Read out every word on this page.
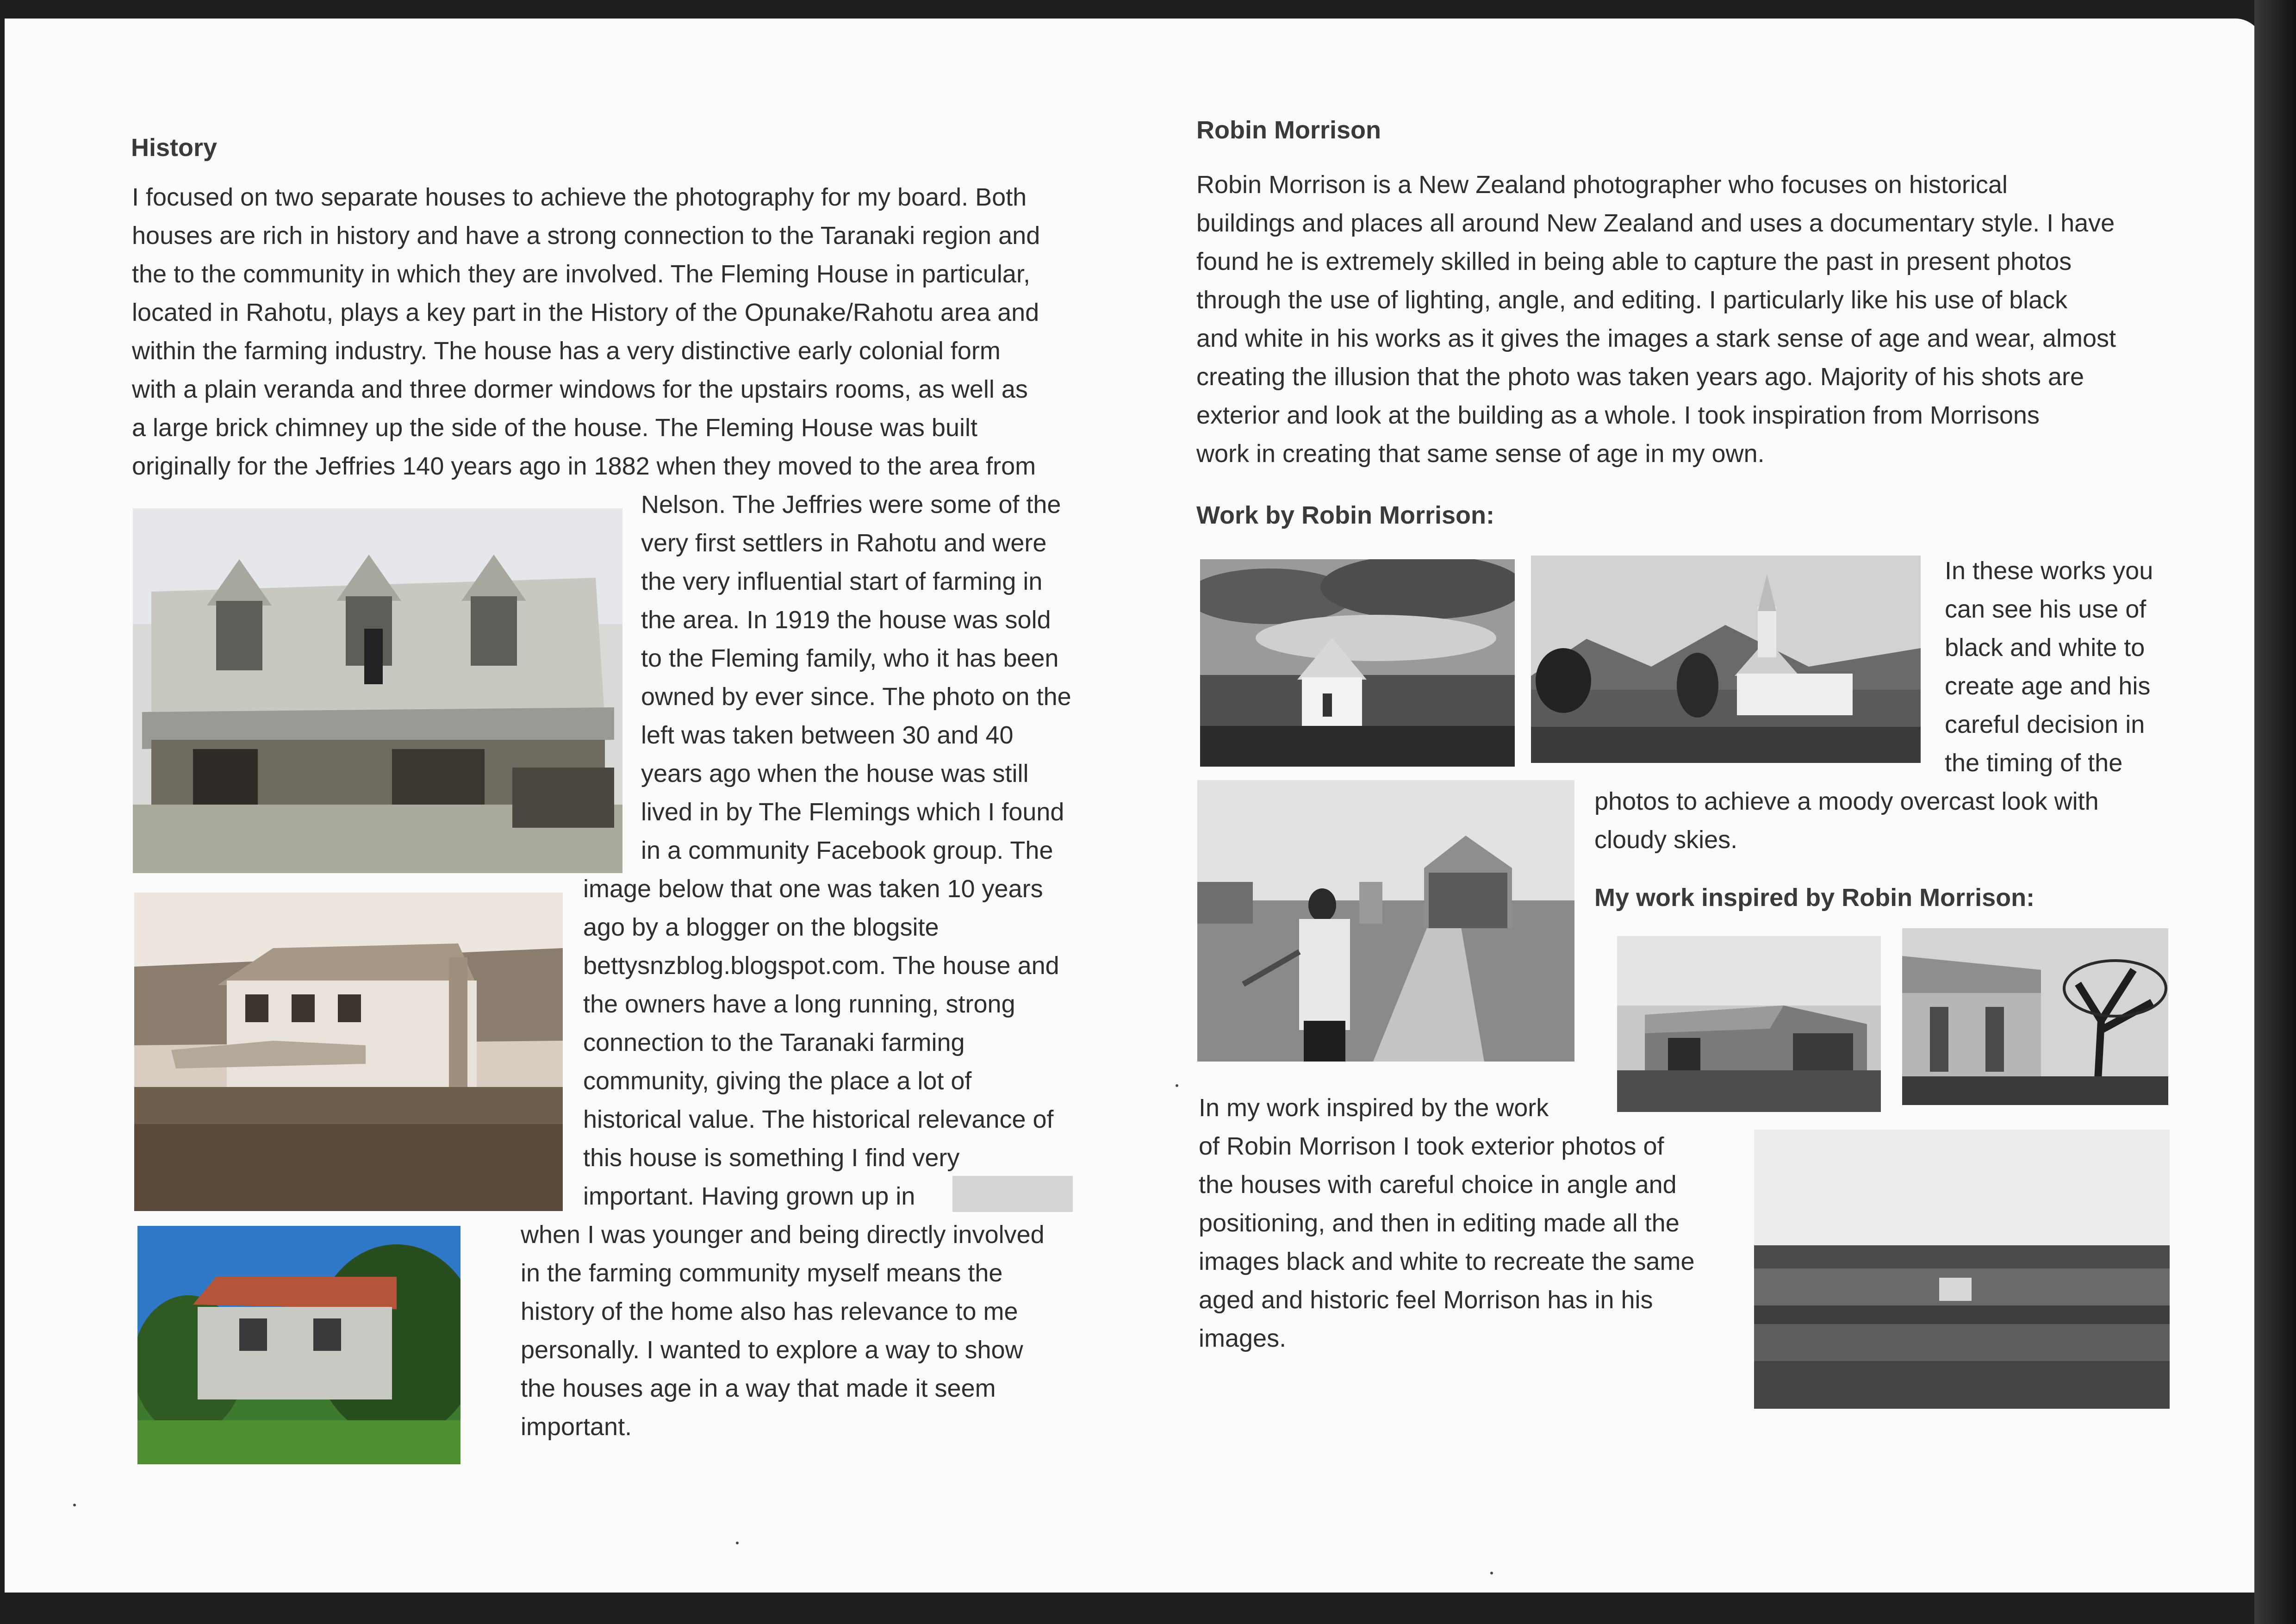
History
I focused on two separate houses to achieve the photography for my board. Both
houses are rich in history and have a strong connection to the Taranaki region and
the to the community in which they are involved. The Fleming House in particular,
located in Rahotu, plays a key part in the History of the Opunake/Rahotu area and
within the farming industry. The house has a very distinctive early colonial form
with a plain veranda and three dormer windows for the upstairs rooms, as well as
a large brick chimney up the side of the house. The Fleming House was built
originally for the Jeffries 140 years ago in 1882 when they moved to the area from
Nelson. The Jeffries were some of the
very first settlers in Rahotu and were
the very influential start of farming in
the area. In 1919 the house was sold
to the Fleming family, who it has been
owned by ever since. The photo on the
left was taken between 30 and 40
years ago when the house was still
lived in by The Flemings which I found
in a community Facebook group. The
image below that one was taken 10 years
ago by a blogger on the blogsite
bettysnzblog.blogspot.com. The house and
the owners have a long running, strong
connection to the Taranaki farming
community, giving the place a lot of
historical value. The historical relevance of
this house is something I find very
important. Having grown up in
when I was younger and being directly involved
in the farming community myself means the
history of the home also has relevance to me
personally. I wanted to explore a way to show
the houses age in a way that made it seem
important.
Robin Morrison
Robin Morrison is a New Zealand photographer who focuses on historical
buildings and places all around New Zealand and uses a documentary style. I have
found he is extremely skilled in being able to capture the past in present photos
through the use of lighting, angle, and editing. I particularly like his use of black
and white in his works as it gives the images a stark sense of age and wear, almost
creating the illusion that the photo was taken years ago. Majority of his shots are
exterior and look at the building as a whole. I took inspiration from Morrisons
work in creating that same sense of age in my own.
Work by Robin Morrison:
In these works you
can see his use of
black and white to
create age and his
careful decision in
the timing of the
photos to achieve a moody overcast look with
cloudy skies.
My work inspired by Robin Morrison:
In my work inspired by the work
of Robin Morrison I took exterior photos of
the houses with careful choice in angle and
positioning, and then in editing made all the
images black and white to recreate the same
aged and historic feel Morrison has in his
images.
